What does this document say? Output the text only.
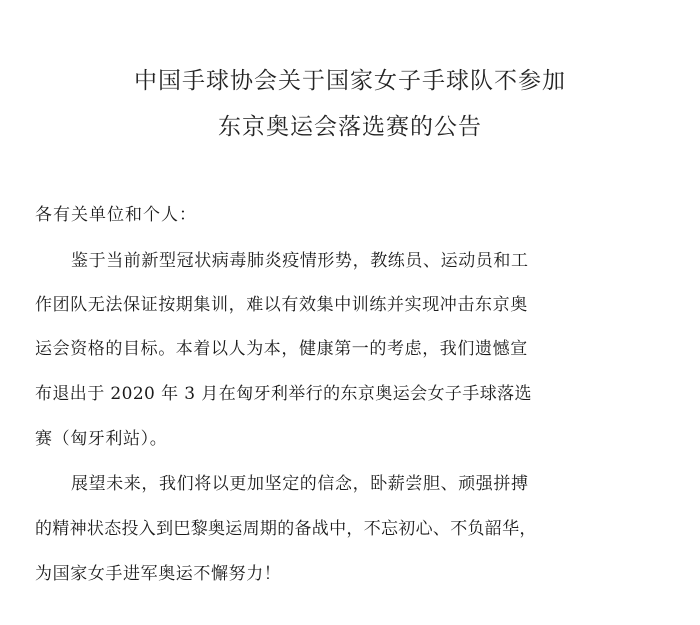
中国手球协会关于国家女子手球队不参加
东京奥运会落选赛的公告
各有关单位和个人：
鉴于当前新型冠状病毒肺炎疫情形势，教练员、运动员和工
作团队无法保证按期集训，难以有效集中训练并实现冲击东京奥
运会资格的目标。本着以人为本，健康第一的考虑，我们遗憾宣
布退出于 2020 年 3 月在匈牙利举行的东京奥运会女子手球落选
赛（匈牙利站）。
展望未来，我们将以更加坚定的信念，卧薪尝胆、顽强拼搏
的精神状态投入到巴黎奥运周期的备战中，不忘初心、不负韶华，
为国家女手进军奥运不懈努力！
